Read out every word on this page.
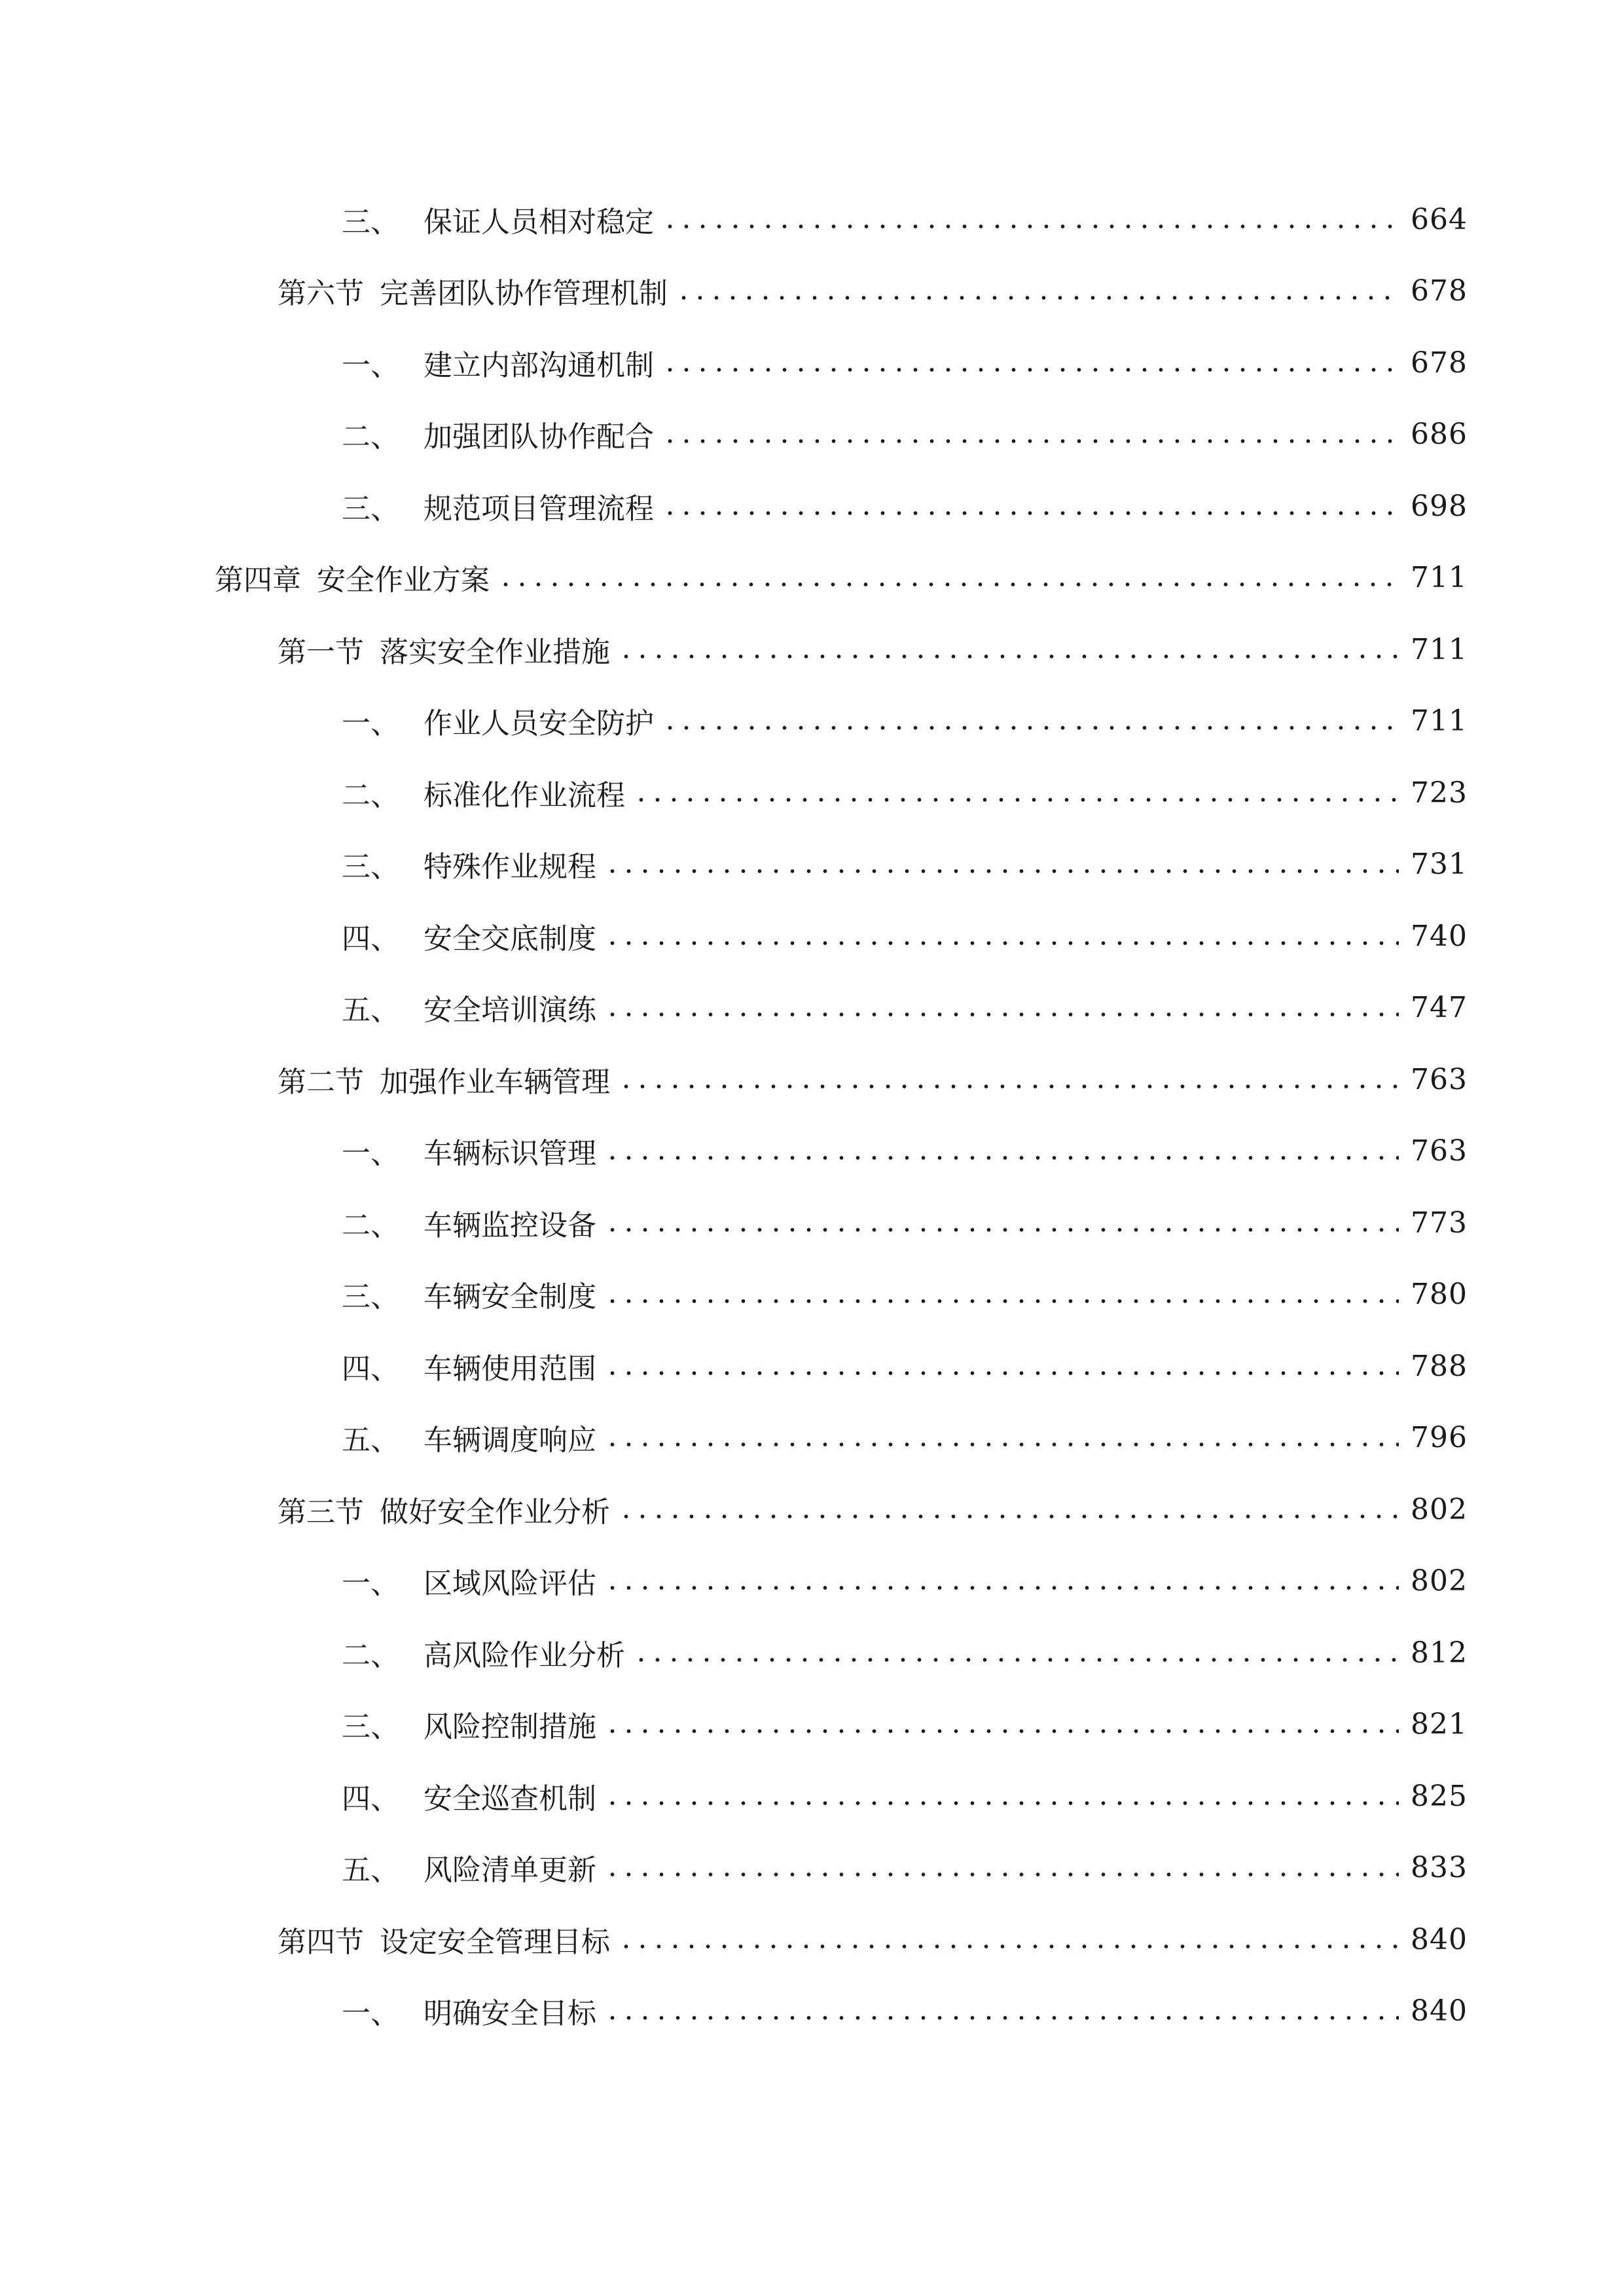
三、 保证人员相对稳定	664
第六节 完善团队协作管理机制	678
一、 建立内部沟通机制	678
二、 加强团队协作配合	686
三、 规范项目管理流程	698
第四章 安全作业方案	711
第一节 落实安全作业措施	711
一、 作业人员安全防护	711
二、 标准化作业流程	723
三、 特殊作业规程	731
四、 安全交底制度	740
五、 安全培训演练	747
第二节 加强作业车辆管理	763
一、 车辆标识管理	763
二、 车辆监控设备	773
三、 车辆安全制度	780
四、 车辆使用范围	788
五、 车辆调度响应	796
第三节 做好安全作业分析	802
一、 区域风险评估	802
二、 高风险作业分析	812
三、 风险控制措施	821
四、 安全巡查机制	825
五、 风险清单更新	833
第四节 设定安全管理目标	840
一、 明确安全目标	840
